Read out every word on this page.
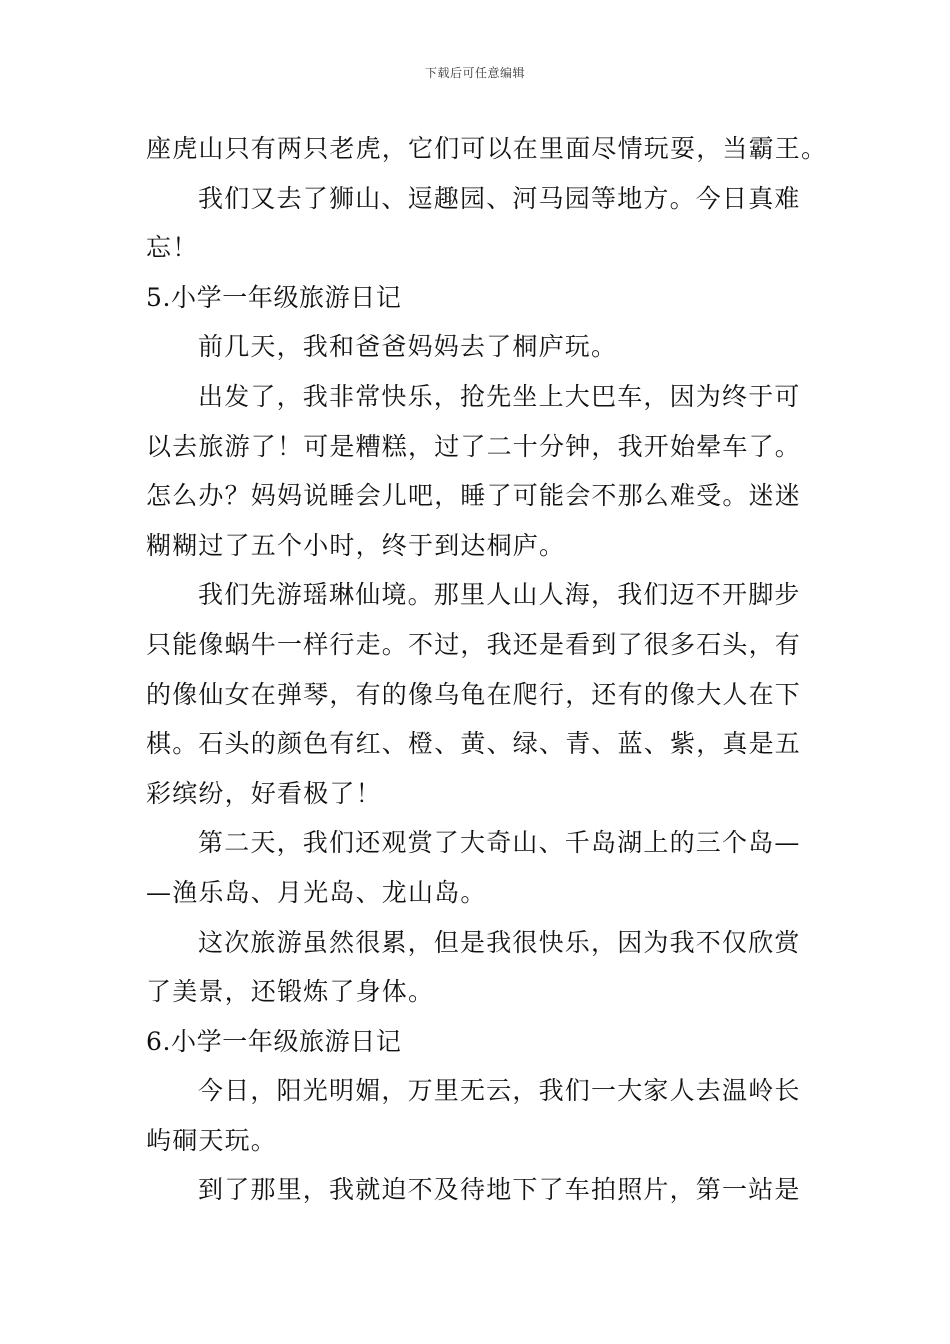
下载后可任意编辑
座虎山只有两只老虎，它们可以在里面尽情玩耍，当霸王。
我们又去了狮山、逗趣园、河马园等地方。今日真难
忘！
5.小学一年级旅游日记
前几天，我和爸爸妈妈去了桐庐玩。
出发了，我非常快乐，抢先坐上大巴车，因为终于可
以去旅游了！可是糟糕，过了二十分钟，我开始晕车了。
怎么办？妈妈说睡会儿吧，睡了可能会不那么难受。迷迷
糊糊过了五个小时，终于到达桐庐。
我们先游瑶琳仙境。那里人山人海，我们迈不开脚步
只能像蜗牛一样行走。不过，我还是看到了很多石头，有
的像仙女在弹琴，有的像乌龟在爬行，还有的像大人在下
棋。石头的颜色有红、橙、黄、绿、青、蓝、紫，真是五
彩缤纷，好看极了！
第二天，我们还观赏了大奇山、千岛湖上的三个岛—
—渔乐岛、月光岛、龙山岛。
这次旅游虽然很累，但是我很快乐，因为我不仅欣赏
了美景，还锻炼了身体。
6.小学一年级旅游日记
今日，阳光明媚，万里无云，我们一大家人去温岭长
屿硐天玩。
到了那里，我就迫不及待地下了车拍照片，第一站是
